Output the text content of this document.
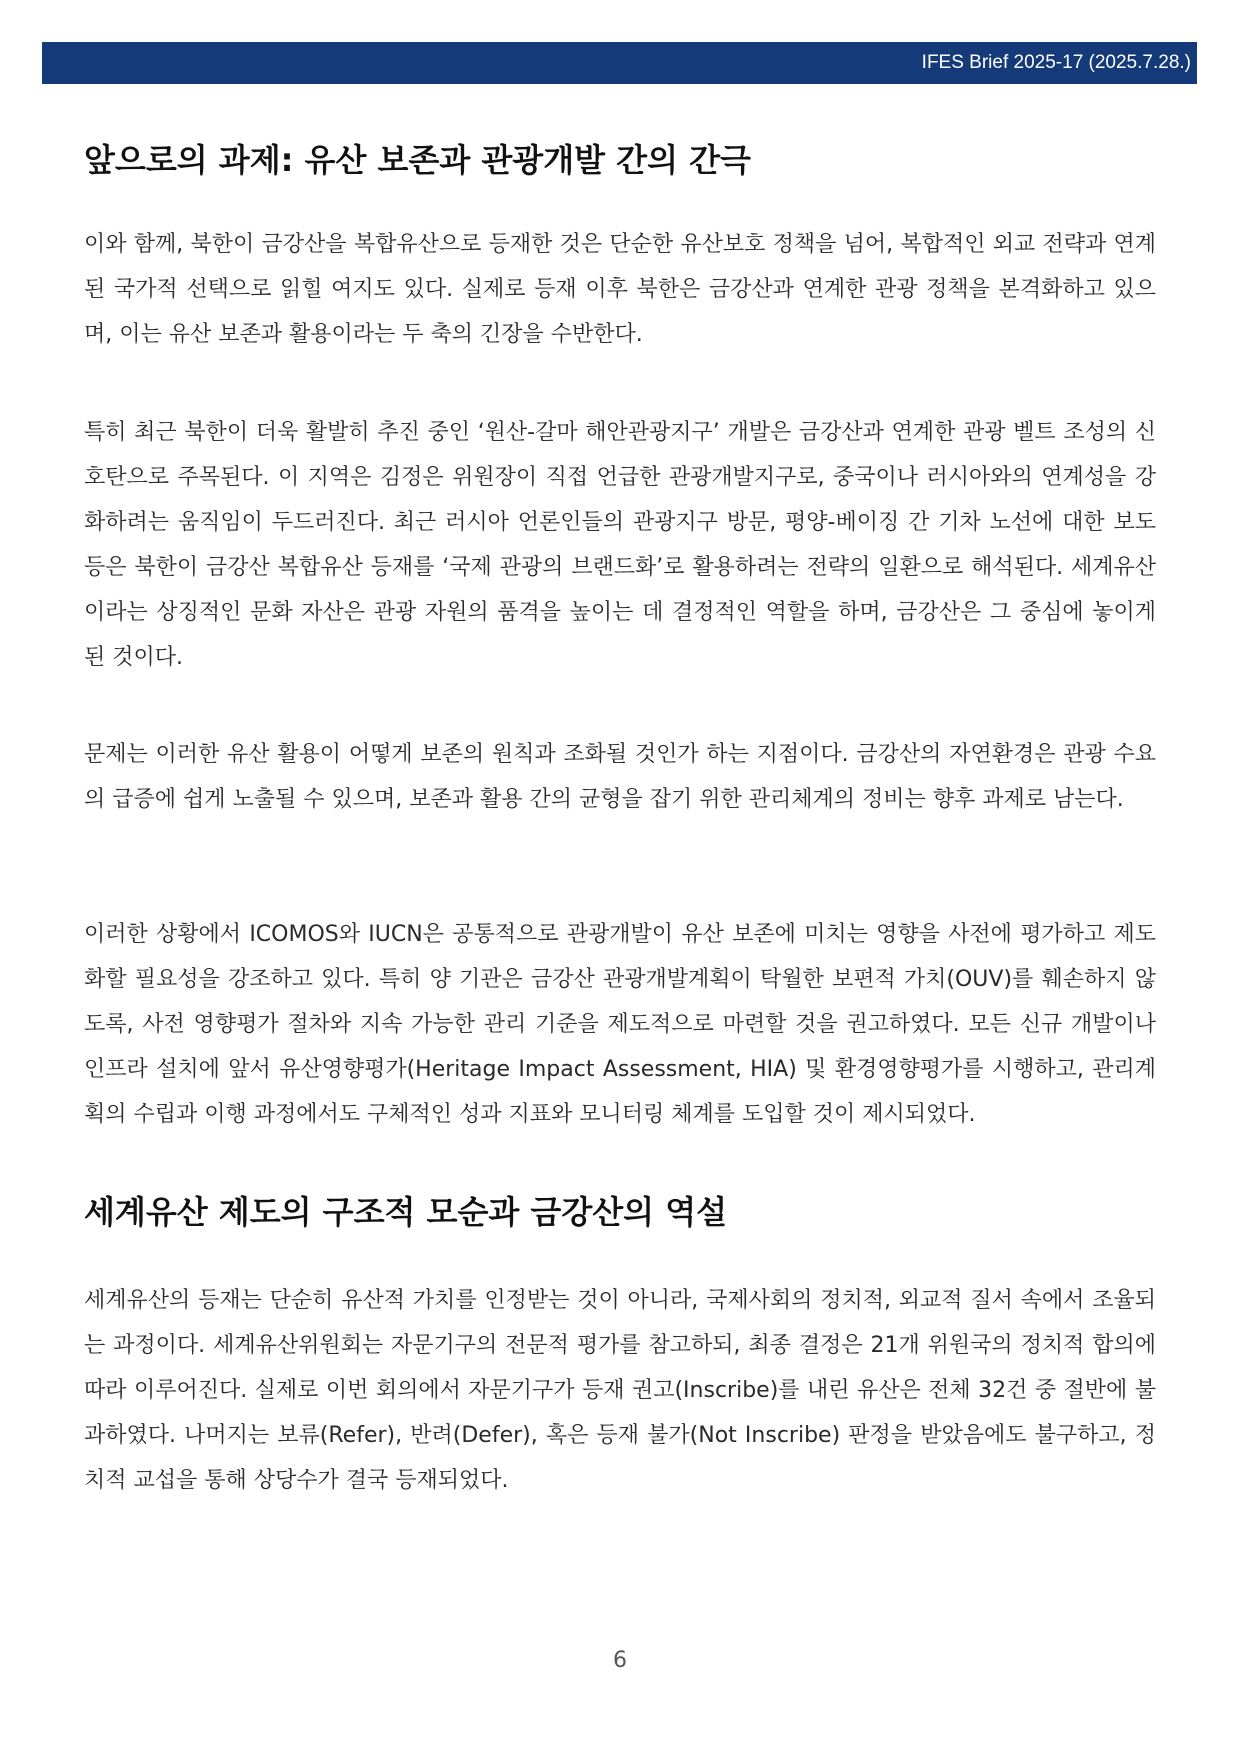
IFES Brief 2025-17 (2025.7.28.)
앞으로의 과제: 유산 보존과 관광개발 간의 간극

이와 함께, 북한이 금강산을 복합유산으로 등재한 것은 단순한 유산보호 정책을 넘어, 복합적인 외교 전략과 연계된 국가적 선택으로 읽힐 여지도 있다. 실제로 등재 이후 북한은 금강산과 연계한 관광 정책을 본격화하고 있으며, 이는 유산 보존과 활용이라는 두 축의 긴장을 수반한다.

특히 최근 북한이 더욱 활발히 추진 중인 ‘원산-갈마 해안관광지구’ 개발은 금강산과 연계한 관광 벨트 조성의 신호탄으로 주목된다. 이 지역은 김정은 위원장이 직접 언급한 관광개발지구로, 중국이나 러시아와의 연계성을 강화하려는 움직임이 두드러진다. 최근 러시아 언론인들의 관광지구 방문, 평양-베이징 간 기차 노선에 대한 보도 등은 북한이 금강산 복합유산 등재를 ‘국제 관광의 브랜드화’로 활용하려는 전략의 일환으로 해석된다. 세계유산이라는 상징적인 문화 자산은 관광 자원의 품격을 높이는 데 결정적인 역할을 하며, 금강산은 그 중심에 놓이게 된 것이다.

문제는 이러한 유산 활용이 어떻게 보존의 원칙과 조화될 것인가 하는 지점이다. 금강산의 자연환경은 관광 수요의 급증에 쉽게 노출될 수 있으며, 보존과 활용 간의 균형을 잡기 위한 관리체계의 정비는 향후 과제로 남는다.

이러한 상황에서 ICOMOS와 IUCN은 공통적으로 관광개발이 유산 보존에 미치는 영향을 사전에 평가하고 제도화할 필요성을 강조하고 있다. 특히 양 기관은 금강산 관광개발계획이 탁월한 보편적 가치(OUV)를 훼손하지 않도록, 사전 영향평가 절차와 지속 가능한 관리 기준을 제도적으로 마련할 것을 권고하였다. 모든 신규 개발이나 인프라 설치에 앞서 유산영향평가(Heritage Impact Assessment, HIA) 및 환경영향평가를 시행하고, 관리계획의 수립과 이행 과정에서도 구체적인 성과 지표와 모니터링 체계를 도입할 것이 제시되었다.

세계유산 제도의 구조적 모순과 금강산의 역설

세계유산의 등재는 단순히 유산적 가치를 인정받는 것이 아니라, 국제사회의 정치적, 외교적 질서 속에서 조율되는 과정이다. 세계유산위원회는 자문기구의 전문적 평가를 참고하되, 최종 결정은 21개 위원국의 정치적 합의에 따라 이루어진다. 실제로 이번 회의에서 자문기구가 등재 권고(Inscribe)를 내린 유산은 전체 32건 중 절반에 불과하였다. 나머지는 보류(Refer), 반려(Defer), 혹은 등재 불가(Not Inscribe) 판정을 받았음에도 불구하고, 정치적 교섭을 통해 상당수가 결국 등재되었다.

6
